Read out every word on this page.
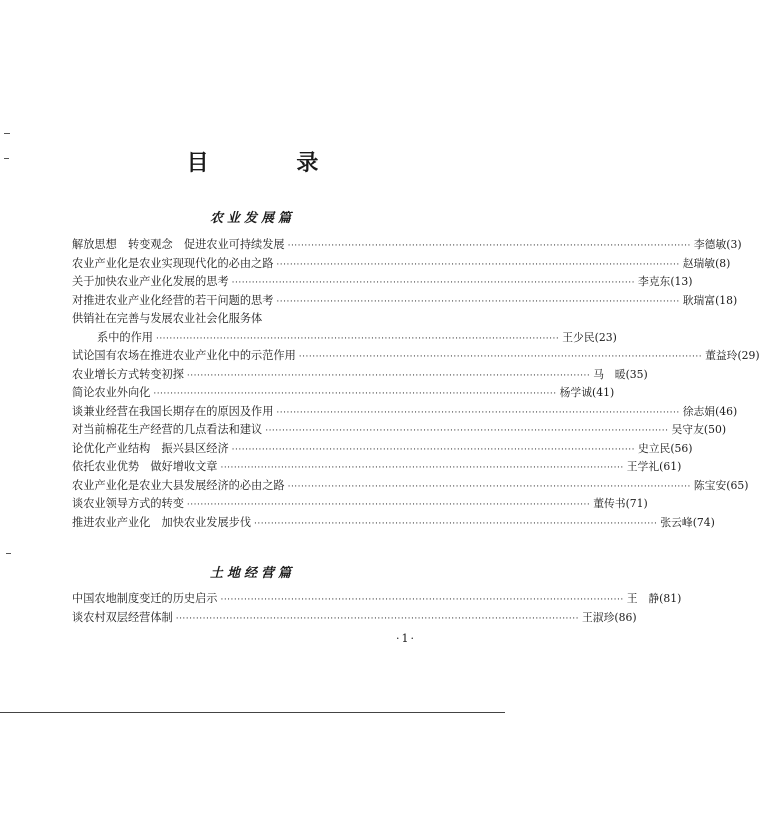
目 录
农业发展篇
解放思想　转变观念　促进农业可持续发展 ························································································································ 李德敏(3)
农业产业化是农业实现现代化的必由之路 ························································································································ 赵瑞敏(8)
关于加快农业产业化发展的思考 ························································································································ 李克东(13)
对推进农业产业化经营的若干问题的思考 ························································································································ 耿瑞富(18)
供销社在完善与发展农业社会化服务体
系中的作用 ························································································································ 王少民(23)
试论国有农场在推进农业产业化中的示范作用 ························································································································ 董益玲(29)
农业增长方式转变初探 ························································································································ 马　暖(35)
简论农业外向化 ························································································································ 杨学诚(41)
谈兼业经营在我国长期存在的原因及作用 ························································································································ 徐志娟(46)
对当前棉花生产经营的几点看法和建议 ························································································································ 吴守友(50)
论优化产业结构　振兴县区经济 ························································································································ 史立民(56)
依托农业优势　做好增收文章 ························································································································ 王学礼(61)
农业产业化是农业大县发展经济的必由之路 ························································································································ 陈宝安(65)
谈农业领导方式的转变 ························································································································ 董传书(71)
推进农业产业化　加快农业发展步伐 ························································································································ 张云峰(74)
土地经营篇
中国农地制度变迁的历史启示 ························································································································ 王　静(81)
谈农村双层经营体制 ························································································································ 王淑珍(86)
·1·
